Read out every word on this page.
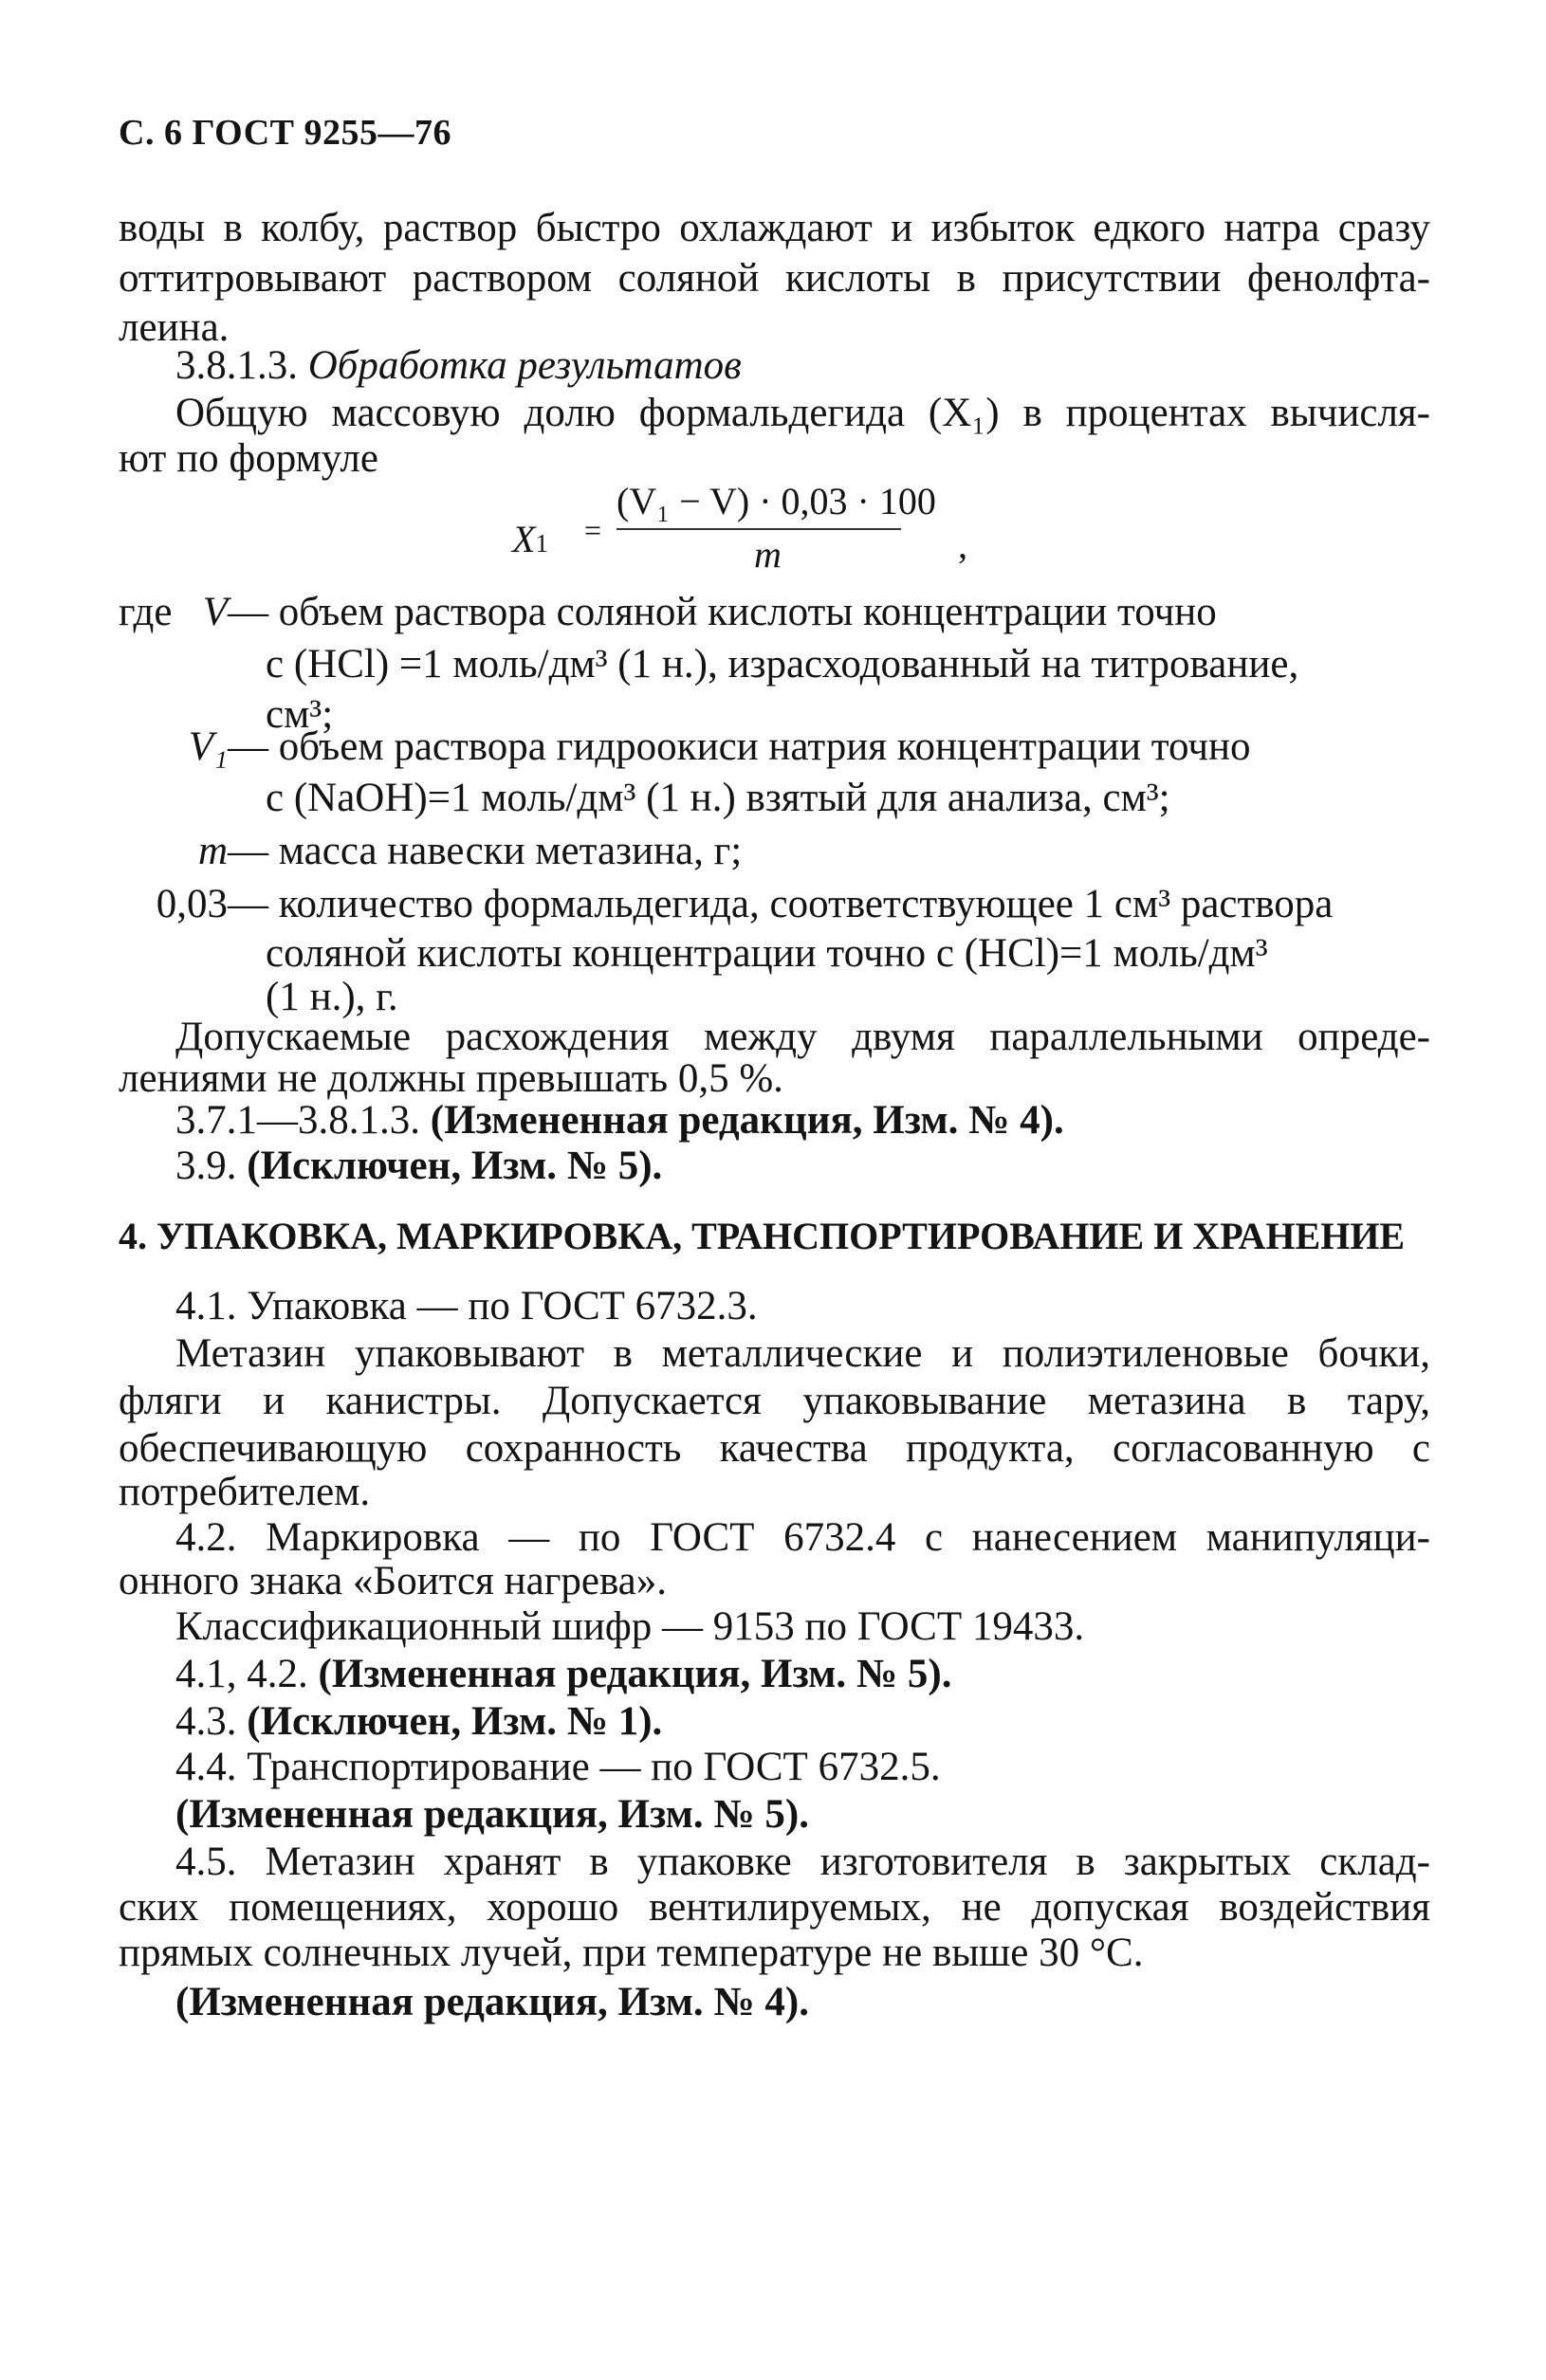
С. 6 ГОСТ 9255—76
воды в колбу, раствор быстро охлаждают и избыток едкого натра сразу
оттитровывают раствором соляной кислоты в присутствии фенолфта-
леина.
3.8.1.3. Обработка результатов
Общую массовую долю формальдегида (X₁) в процентах вычисля-
ют по формуле
X1 =
(V₁ − V) · 0,03 · 100
m	,
где V — объем раствора соляной кислоты концентрации точно
с (HCl) =1 моль/дм³ (1 н.), израсходованный на титрование,
см³;
V₁ — объем раствора гидроокиси натрия концентрации точно
с (NaOH)=1 моль/дм³ (1 н.) взятый для анализа, см³;
m — масса навески метазина, г;
0,03 — количество формальдегида, соответствующее 1 см³ раствора
соляной кислоты концентрации точно с (HCl)=1 моль/дм³
(1 н.), г.
Допускаемые расхождения между двумя параллельными опреде-
лениями не должны превышать 0,5 %.
3.7.1—3.8.1.3. (Измененная редакция, Изм. № 4).
3.9. (Исключен, Изм. № 5).
4. УПАКОВКА, МАРКИРОВКА, ТРАНСПОРТИРОВАНИЕ И ХРАНЕНИЕ
4.1. Упаковка — по ГОСТ 6732.3.
Метазин упаковывают в металлические и полиэтиленовые бочки,
фляги и канистры. Допускается упаковывание метазина в тару,
обеспечивающую сохранность качества продукта, согласованную с
потребителем.
4.2. Маркировка — по ГОСТ 6732.4 с нанесением манипуляци-
онного знака «Боится нагрева».
Классификационный шифр — 9153 по ГОСТ 19433.
4.1, 4.2. (Измененная редакция, Изм. № 5).
4.3. (Исключен, Изм. № 1).
4.4. Транспортирование — по ГОСТ 6732.5.
(Измененная редакция, Изм. № 5).
4.5. Метазин хранят в упаковке изготовителя в закрытых склад-
ских помещениях, хорошо вентилируемых, не допуская воздействия
прямых солнечных лучей, при температуре не выше 30 °С.
(Измененная редакция, Изм. № 4).
